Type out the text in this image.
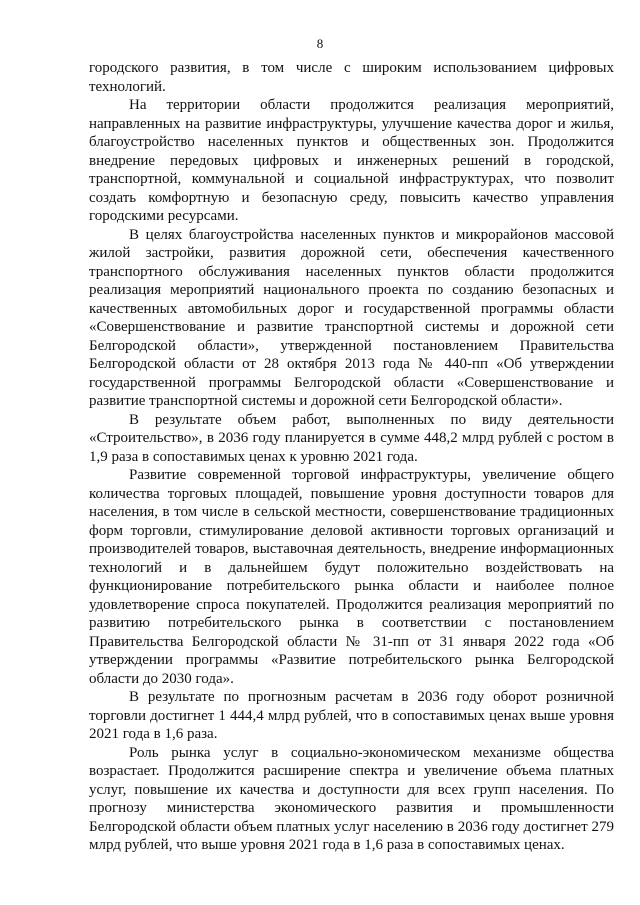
8

городского развития, в том числе с широким использованием цифровых технологий.

На территории области продолжится реализация мероприятий, направленных на развитие инфраструктуры, улучшение качества дорог и жилья, благоустройство населенных пунктов и общественных зон. Продолжится внедрение передовых цифровых и инженерных решений в городской, транспортной, коммунальной и социальной инфраструктурах, что позволит создать комфортную и безопасную среду, повысить качество управления городскими ресурсами.

В целях благоустройства населенных пунктов и микрорайонов массовой жилой застройки, развития дорожной сети, обеспечения качественного транспортного обслуживания населенных пунктов области продолжится реализация мероприятий национального проекта по созданию безопасных и качественных автомобильных дорог и государственной программы области «Совершенствование и развитие транспортной системы и дорожной сети Белгородской области», утвержденной постановлением Правительства Белгородской области от 28 октября 2013 года № 440-пп «Об утверждении государственной программы Белгородской области «Совершенствование и развитие транспортной системы и дорожной сети Белгородской области».

В результате объем работ, выполненных по виду деятельности «Строительство», в 2036 году планируется в сумме 448,2 млрд рублей с ростом в 1,9 раза в сопоставимых ценах к уровню 2021 года.

Развитие современной торговой инфраструктуры, увеличение общего количества торговых площадей, повышение уровня доступности товаров для населения, в том числе в сельской местности, совершенствование традиционных форм торговли, стимулирование деловой активности торговых организаций и производителей товаров, выставочная деятельность, внедрение информационных технологий и в дальнейшем будут положительно воздействовать на функционирование потребительского рынка области и наиболее полное удовлетворение спроса покупателей. Продолжится реализация мероприятий по развитию потребительского рынка в соответствии с постановлением Правительства Белгородской области № 31-пп от 31 января 2022 года «Об утверждении программы «Развитие потребительского рынка Белгородской области до 2030 года».

В результате по прогнозным расчетам в 2036 году оборот розничной торговли достигнет 1 444,4 млрд рублей, что в сопоставимых ценах выше уровня 2021 года в 1,6 раза.

Роль рынка услуг в социально-экономическом механизме общества возрастает. Продолжится расширение спектра и увеличение объема платных услуг, повышение их качества и доступности для всех групп населения. По прогнозу министерства экономического развития и промышленности Белгородской области объем платных услуг населению в 2036 году достигнет 279 млрд рублей, что выше уровня 2021 года в 1,6 раза в сопоставимых ценах.
